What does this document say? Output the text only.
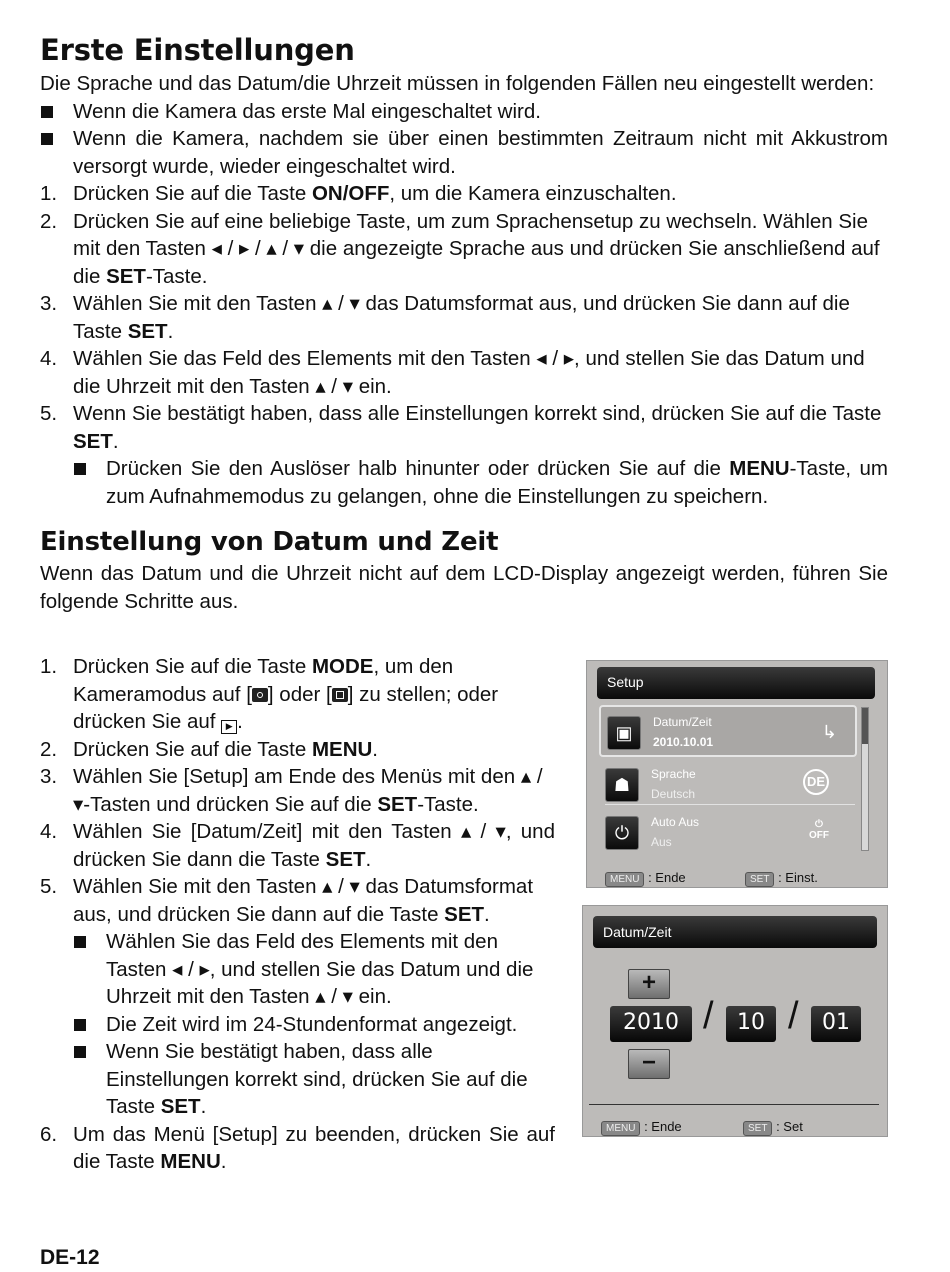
Erste Einstellungen

Die Sprache und das Datum/die Uhrzeit müssen in folgenden Fällen neu eingestellt werden:

Wenn die Kamera das erste Mal eingeschaltet wird.
Wenn die Kamera, nachdem sie über einen bestimmten Zeitraum nicht mit Akkustrom versorgt wurde, wieder eingeschaltet wird.
1. Drücken Sie auf die Taste ON/OFF, um die Kamera einzuschalten.
2. Drücken Sie auf eine beliebige Taste, um zum Sprachensetup zu wechseln. Wählen Sie mit den Tasten ◂ / ▸ / ▴ / ▾ die angezeigte Sprache aus und drücken Sie anschließend auf die SET-Taste.
3. Wählen Sie mit den Tasten ▴ / ▾ das Datumsformat aus, und drücken Sie dann auf die Taste SET.
4. Wählen Sie das Feld des Elements mit den Tasten ◂ / ▸, und stellen Sie das Datum und die Uhrzeit mit den Tasten ▴ / ▾ ein.
5. Wenn Sie bestätigt haben, dass alle Einstellungen korrekt sind, drücken Sie auf die Taste SET.
Drücken Sie den Auslöser halb hinunter oder drücken Sie auf die MENU-Taste, um zum Aufnahmemodus zu gelangen, ohne die Einstellungen zu speichern.
Einstellung von Datum und Zeit

Wenn das Datum und die Uhrzeit nicht auf dem LCD-Display angezeigt werden, führen Sie folgende Schritte aus.

1. Drücken Sie auf die Taste MODE, um den Kameramodus auf [ ] oder [ ] zu stellen; oder drücken Sie auf ▶ .
2. Drücken Sie auf die Taste MENU.
3. Wählen Sie [Setup] am Ende des Menüs mit den ▴ / ▾-Tasten und drücken Sie auf die SET-Taste.
4. Wählen Sie [Datum/Zeit] mit den Tasten ▴ / ▾, und drücken Sie dann die Taste SET.
5. Wählen Sie mit den Tasten ▴ / ▾ das Datumsformat aus, und drücken Sie dann auf die Taste SET.
Wählen Sie das Feld des Elements mit den Tasten ◂ / ▸, und stellen Sie das Datum und die Uhrzeit mit den Tasten ▴ / ▾ ein.
Die Zeit wird im 24-Stundenformat angezeigt.
Wenn Sie bestätigt haben, dass alle Einstellungen korrekt sind, drücken Sie auf die Taste SET.
6. Um das Menü [Setup] zu beenden, drücken Sie auf die Taste MENU.
Setup
▣
Datum/Zeit
2010.10.01	↳
☗
Sprache
Deutsch
DE
⏻
Auto Aus
Aus
⏻
OFF
MENU : Ende	SET : Einst.
Datum/Zeit
+
2010 /	10 /	01
−
MENU : Ende	SET : Set
DE-12
